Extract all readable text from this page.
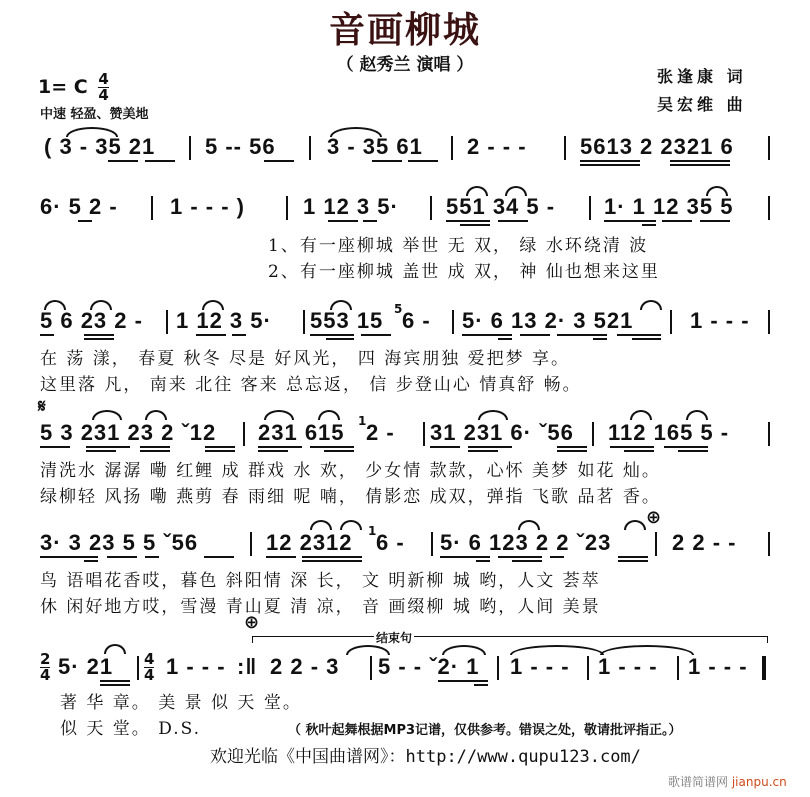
音画柳城
（ 赵秀兰 演唱 ）
张逢康 词
吴宏维 曲
1= C $\frac{4}{4}$
中速 轻盈、赞美地
( 3 - 35 21 5 -- 56 3 - 35 61 2 - - - 5613 2 2321 6
6· 5 2 - 1 - - - )	1 12 3 5· 551 34 5 - 1· 1 12 35 5
1、有一座柳城 举世 无 双， 绿 水环绕清 波
2、有一座柳城 盖世 成 双， 神 仙也想来这里
5 6 23 2 - 1 12 3 5· 553 15 5 6 - 5· 6 13 2· 3 521	1 - - -
在 荡 漾， 春夏 秋冬 尽是 好风光， 四 海宾朋独 爱把梦 享。
这里落 凡， 南来 北往 客来 总忘返， 信 步登山心 情真舒 畅。
𝄋
5 3 231 23 2 ˇ12 231 615 1 2 - 31 231 6· ˇ56 112 165 5 -
清洗水 潺潺 嘞 红鲤 成 群戏 水 欢， 少女情 款款，心怀 美梦 如花 灿。
绿柳轻 风扬 嘞 燕剪 春 雨细 呢 喃， 倩影恋 成双，弹指 飞歌 品茗 香。
3· 3 23 5 5 ˇ56	12 2312 1 6 - 5· 6 123 2 2 ˇ23
⊕
2 2 - -
鸟 语唱花香哎，暮色 斜阳情 深 长， 文 明新柳 城 哟，人文 荟萃
休 闲好地方哎，雪漫 青山夏 清 凉， 音 画缀柳 城 哟，人间 美景
⊕
结束句
$\frac{2}{4} 5\cdot 21 \frac{4}{4} 1$ - - - :‖ 2 2 - 3 5 - - ˇ2· 1 1 - - - 1 - - - 1 - - -
著 华 章。 美 景 似 天 堂。
似 天 堂。 D.S.	（ 秋叶起舞根据MP3记谱，仅供参考。错误之处，敬请批评指正。）
欢迎光临《中国曲谱网》：http://www.qupu123.com/
歌谱简谱网 jianpu.cn
